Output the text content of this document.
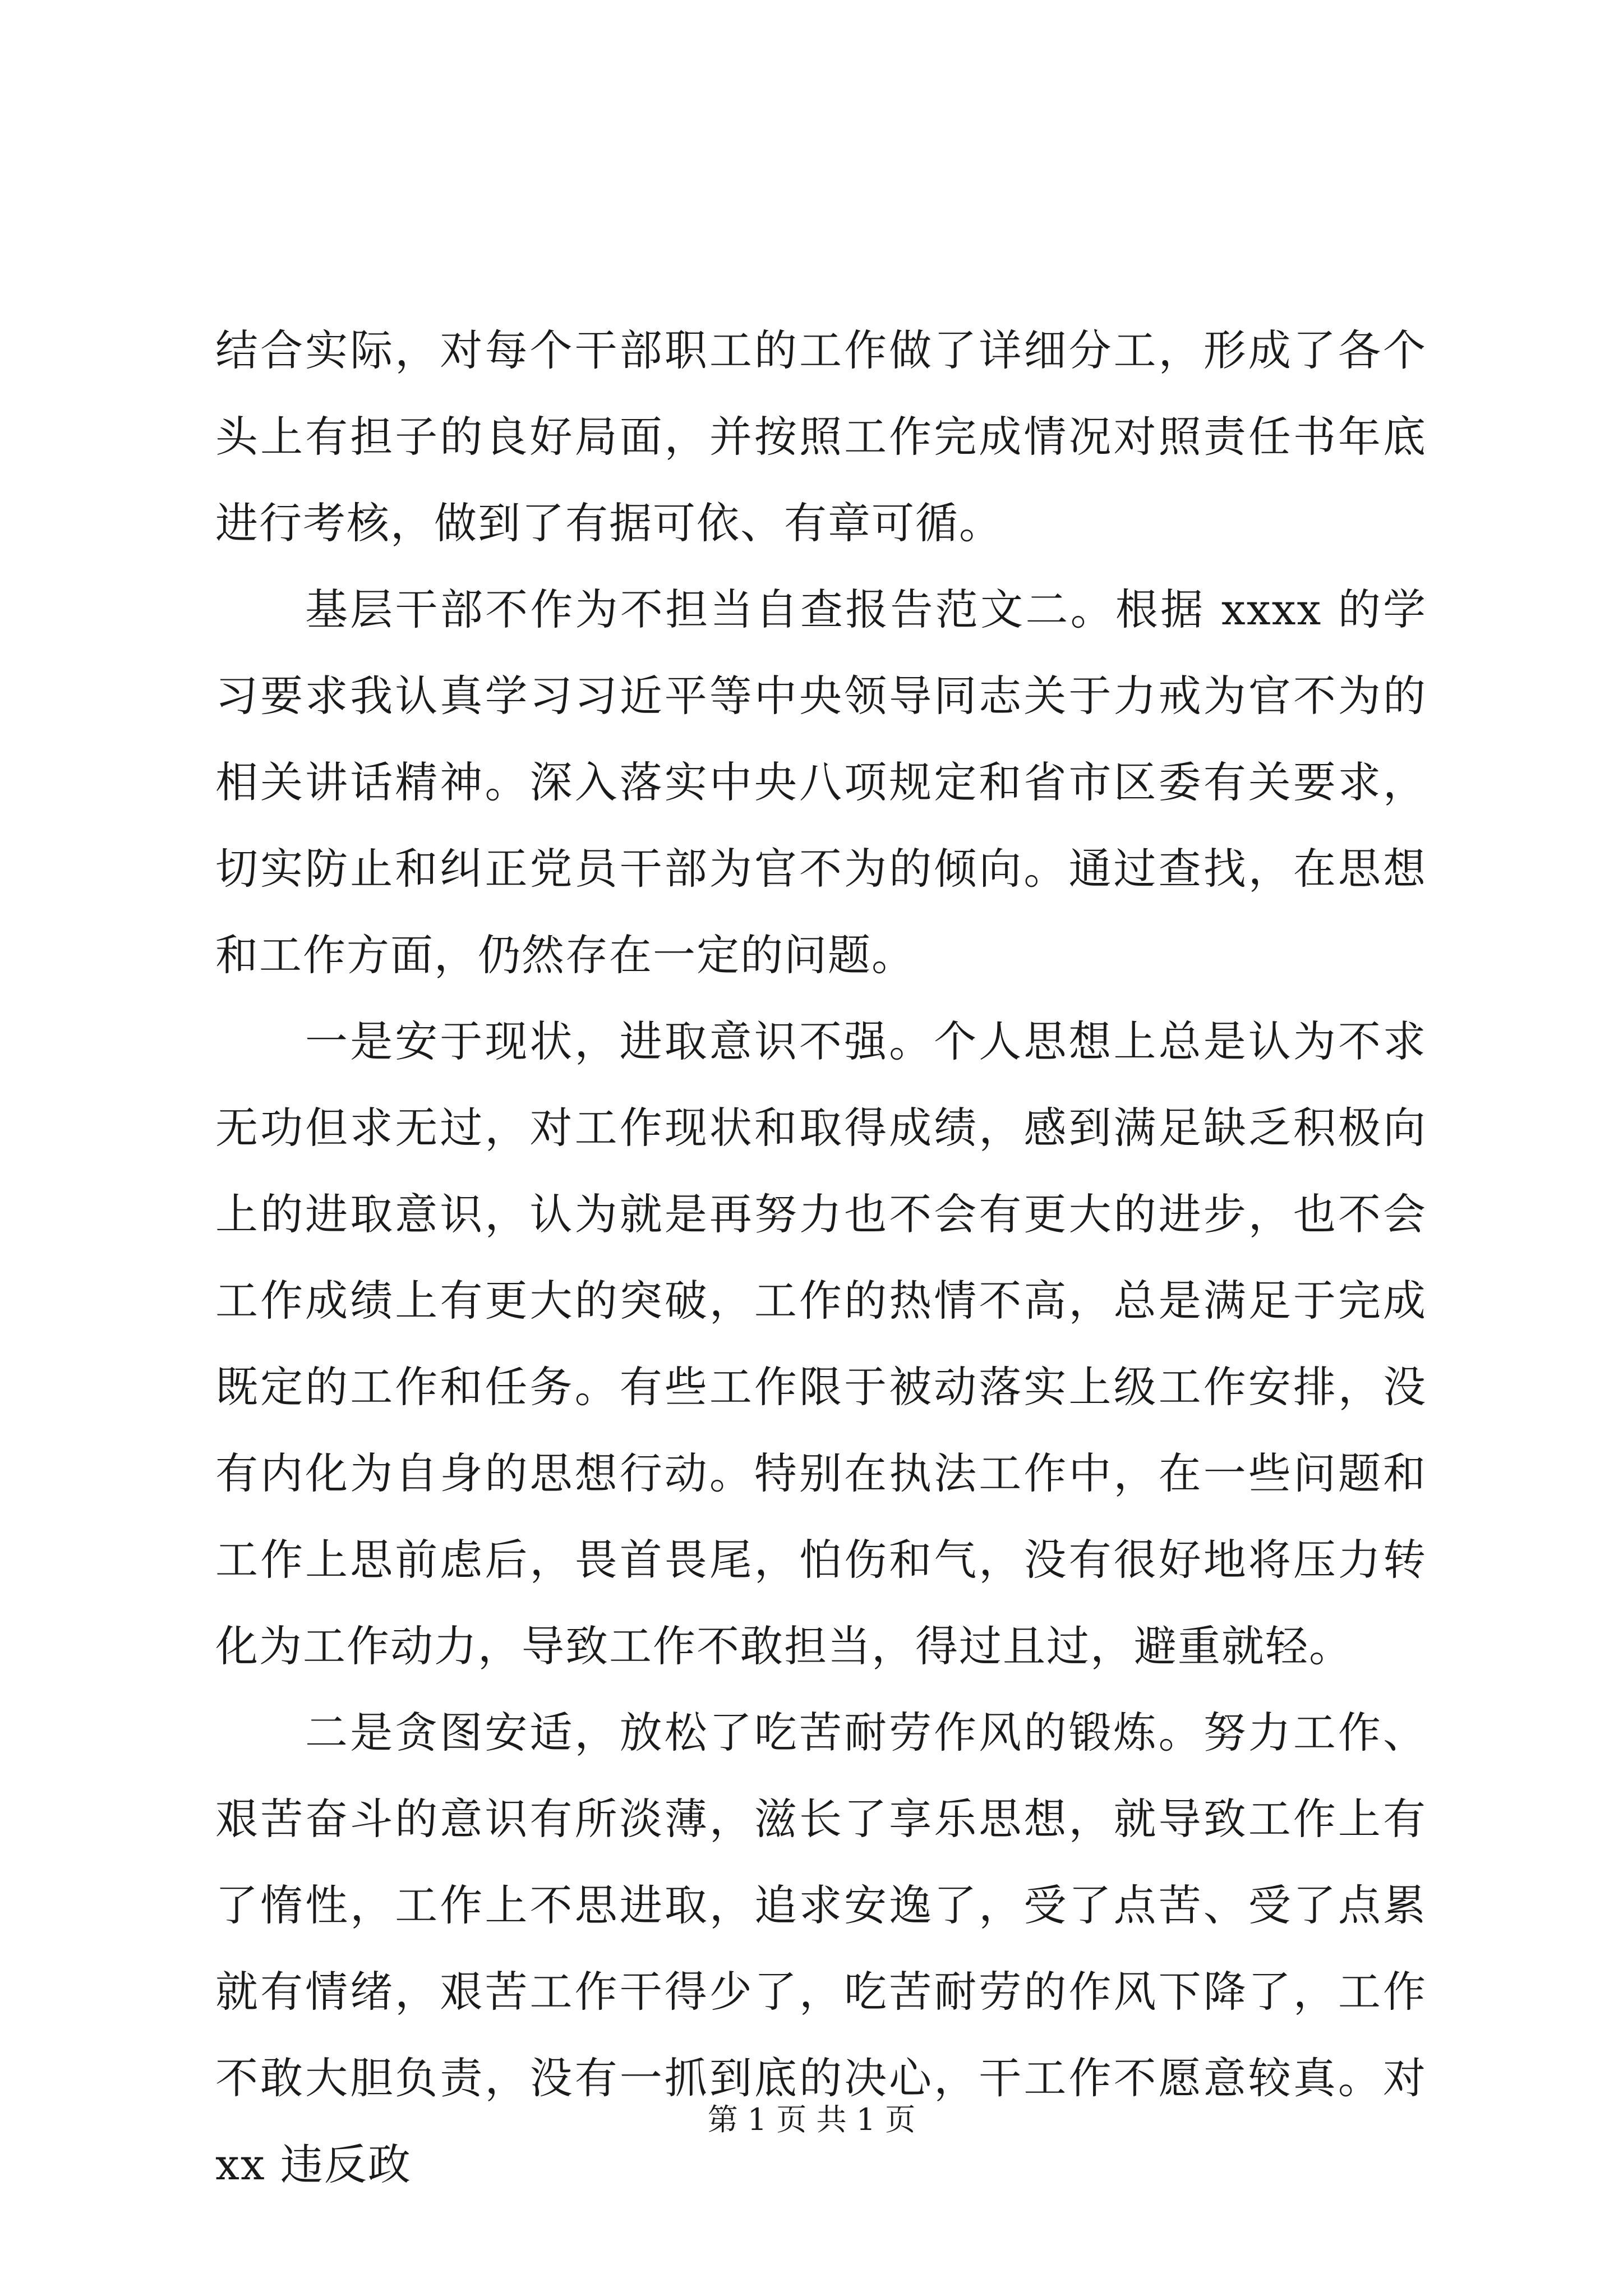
结合实际，对每个干部职工的工作做了详细分工，形成了各个头上有担子的良好局面，并按照工作完成情况对照责任书年底进行考核，做到了有据可依、有章可循。

基层干部不作为不担当自查报告范文二。根据 xxxx 的学习要求我认真学习习近平等中央领导同志关于力戒为官不为的相关讲话精神。深入落实中央八项规定和省市区委有关要求，切实防止和纠正党员干部为官不为的倾向。通过查找，在思想和工作方面，仍然存在一定的问题。

一是安于现状，进取意识不强。个人思想上总是认为不求无功但求无过，对工作现状和取得成绩，感到满足缺乏积极向上的进取意识，认为就是再努力也不会有更大的进步，也不会工作成绩上有更大的突破，工作的热情不高，总是满足于完成既定的工作和任务。有些工作限于被动落实上级工作安排，没有内化为自身的思想行动。特别在执法工作中，在一些问题和工作上思前虑后，畏首畏尾，怕伤和气，没有很好地将压力转化为工作动力，导致工作不敢担当，得过且过，避重就轻。

二是贪图安适，放松了吃苦耐劳作风的锻炼。努力工作、艰苦奋斗的意识有所淡薄，滋长了享乐思想，就导致工作上有了惰性，工作上不思进取，追求安逸了，受了点苦、受了点累就有情绪，艰苦工作干得少了，吃苦耐劳的作风下降了，工作不敢大胆负责，没有一抓到底的决心，干工作不愿意较真。对 xx 违反政

第 1 页 共 1 页
